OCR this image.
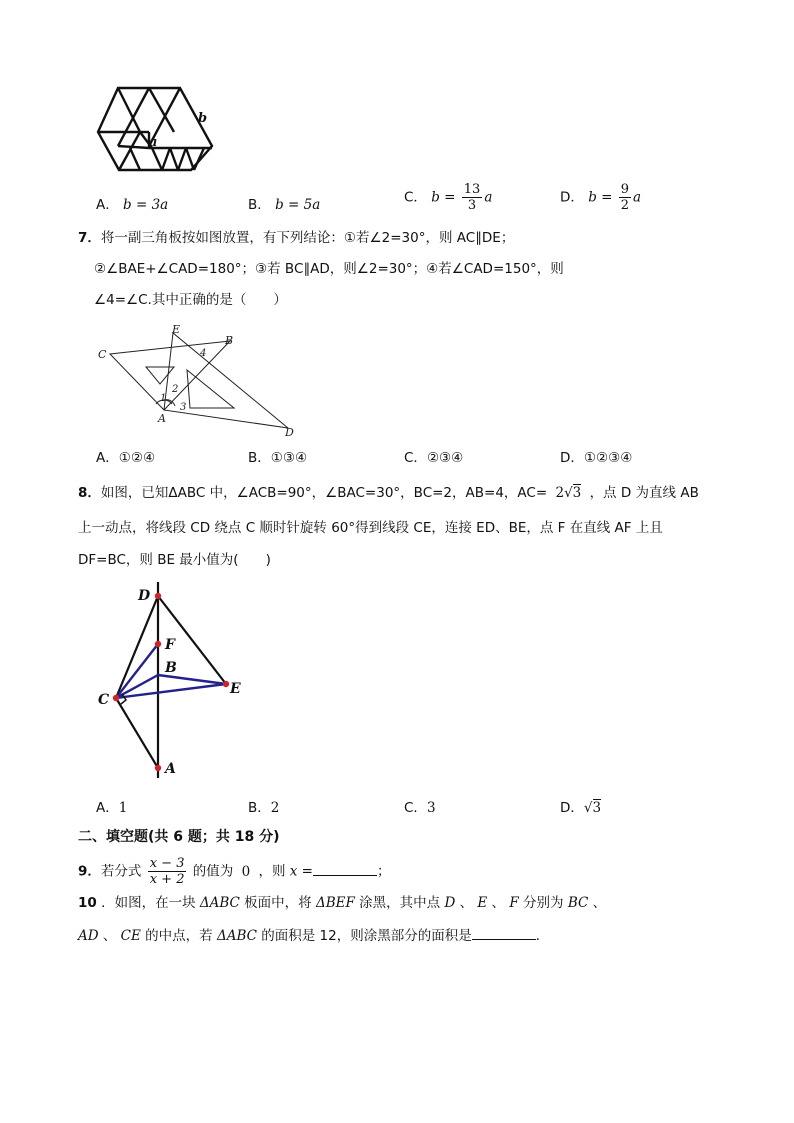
b
a
A． b = 3a	B． b = 5a	C． $b = \frac{13}{3}$ a	D． $b = \frac{9}{2}$ a
7．将一副三角板按如图放置，有下列结论：①若∠2=30°，则 AC∥DE；
②∠BAE+∠CAD=180°；③若 BC∥AD，则∠2=30°；④若∠CAD=150°，则
∠4=∠C.其中正确的是（　　）
C
E
B
4
2
1
3
A
D
A．①②④	B．①③④	C．②③④	D．①②③④
8．如图，已知ΔABC 中，∠ACB=90°，∠BAC=30°，BC=2，AB=4，AC= 2√3 ，点 D 为直线 AB
上一动点，将线段 CD 绕点 C 顺时针旋转 60°得到线段 CE，连接 ED、BE，点 F 在直线 AF 上且
DF=BC，则 BE 最小值为(　　)
D
F
B
C
E
A
A．1	B．2	C．3	D．√3
二、填空题(共 6 题；共 18 分)
9．若分式 $\frac{x - 3}{x + 2}$ 的值为 0 ，则 x =	；
10 ．如图，在一块 ΔABC 板面中，将 ΔBEF 涂黑，其中点 D 、 E 、 F 分别为 BC 、
AD 、 CE 的中点，若 ΔABC 的面积是 12，则涂黑部分的面积是	．
